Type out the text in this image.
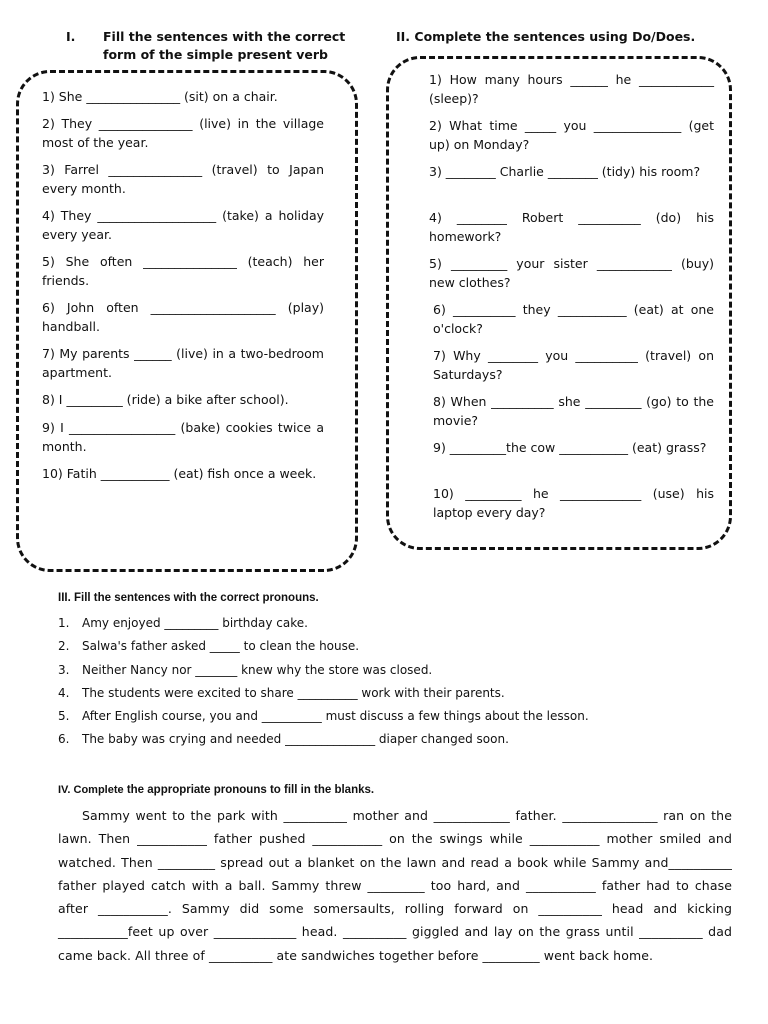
I.	Fill the sentences with the correct
form of the simple present verb
II. Complete the sentences using Do/Does.
1) She _______________ (sit) on a chair.
2) They _______________ (live) in the village most of the year.
3) Farrel _______________ (travel) to Japan every month.
4) They ___________________ (take) a holiday every year.
5) She often _______________ (teach) her friends.
6) John often ____________________ (play) handball.
7) My parents ______ (live) in a two-bedroom apartment.
8) I _________ (ride) a bike after school).
9) I _________________ (bake) cookies twice a month.
10) Fatih ___________ (eat) fish once a week.
1) How many hours ______ he ____________ (sleep)?
2) What time _____ you ______________ (get up) on Monday?
3) ________ Charlie ________ (tidy) his room?
4) ________ Robert __________ (do) his homework?
5) _________ your sister ____________ (buy) new clothes?
6) __________ they ___________ (eat) at one o'clock?
7) Why ________ you __________ (travel) on Saturdays?
8) When __________ she _________ (go) to the movie?
9) _________the cow ___________ (eat) grass?
10) _________ he _____________ (use) his laptop every day?
III. Fill the sentences with the correct pronouns.
1. Amy enjoyed _________ birthday cake.
2. Salwa's father asked _____ to clean the house.
3. Neither Nancy nor _______ knew why the store was closed.
4. The students were excited to share __________ work with their parents.
5. After English course, you and __________ must discuss a few things about the lesson.
6. The baby was crying and needed _______________ diaper changed soon.
IV. Complete the appropriate pronouns to fill in the blanks.
Sammy went to the park with __________ mother and ____________ father. _______________ ran on the lawn. Then ___________ father pushed ___________ on the swings while ___________ mother smiled and watched. Then _________ spread out a blanket on the lawn and read a book while Sammy and__________ father played catch with a ball. Sammy threw _________ too hard, and ___________ father had to chase after ___________. Sammy did some somersaults, rolling forward on __________ head and kicking ___________feet up over _____________ head. __________ giggled and lay on the grass until __________ dad came back. All three of __________ ate sandwiches together before _________ went back home.
